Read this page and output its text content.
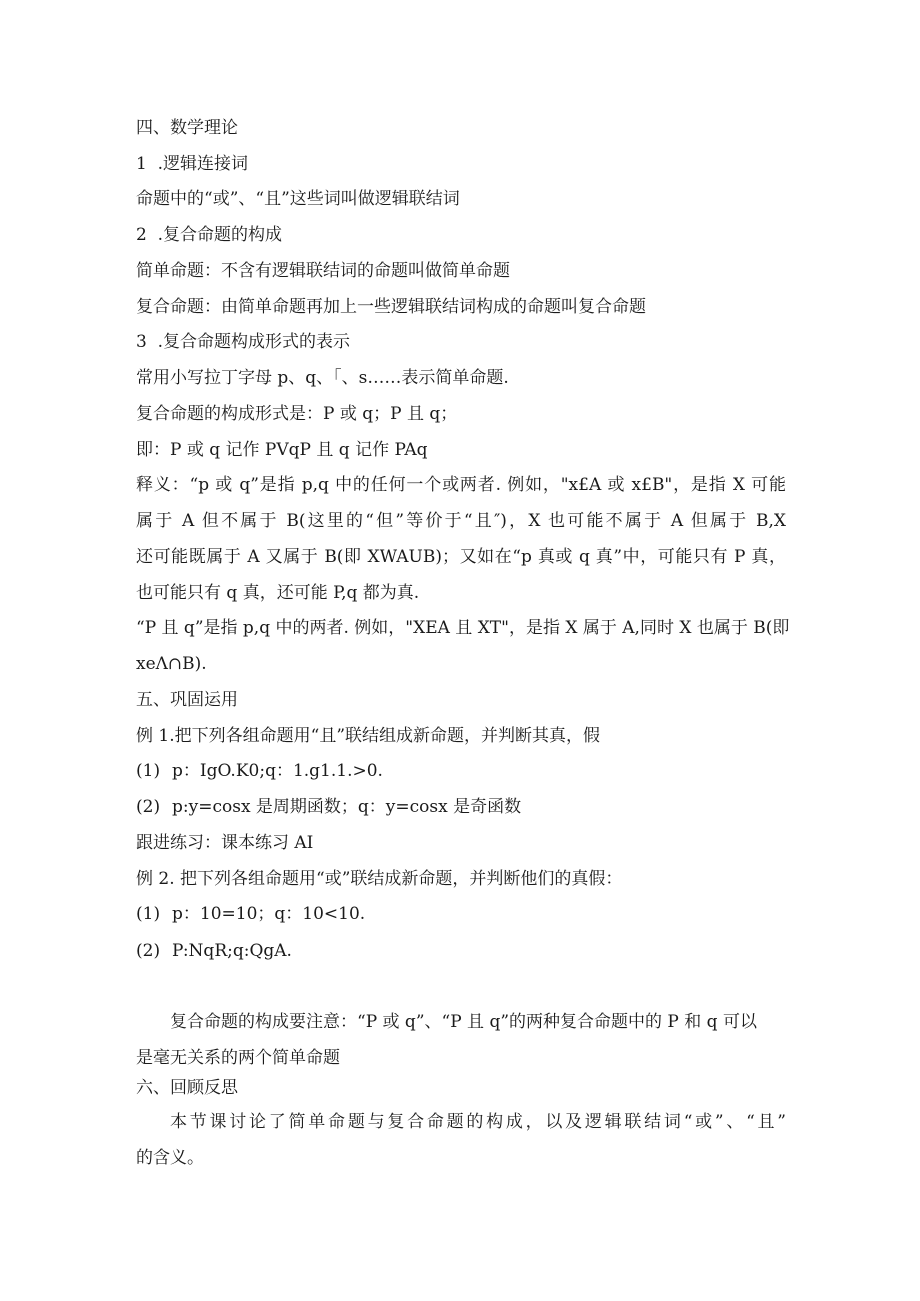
四、数学理论
1  .逻辑连接词
命题中的“或”、“且”这些词叫做逻辑联结词
2  .复合命题的构成
简单命题：不含有逻辑联结词的命题叫做简单命题
复合命题：由简单命题再加上一些逻辑联结词构成的命题叫复合命题
3  .复合命题构成形式的表示
常用小写拉丁字母 p、q、「、s……表示简单命题.
复合命题的构成形式是：P 或 q；P 且 q；
即：P 或 q 记作 PVqP 且 q 记作 PAq
释义：“p 或 q”是指 p,q 中的任何一个或两者. 例如，"x£A 或 x£B"，是指 X 可能
属于 A 但不属于 B(这里的“但”等价于“且″)，X 也可能不属于 A 但属于 B,X
还可能既属于 A 又属于 B(即 XWAUB)；又如在“p 真或 q 真”中，可能只有 P 真，
也可能只有 q 真，还可能 P,q 都为真.
“P 且 q”是指 p,q 中的两者. 例如，"XEA 且 XT"，是指 X 属于 A,同时 X 也属于 B(即
xeΛ∩B).
五、巩固运用
例 1.把下列各组命题用“且”联结组成新命题，并判断其真，假
(1) p：IgO.K0;q：1.g1.1.>0.
(2) p:y=cosx 是周期函数；q：y=cosx 是奇函数
跟进练习：课本练习 AI
例 2. 把下列各组命题用“或”联结成新命题，并判断他们的真假：
(1) p：10=10；q：10<10.
(2) P:NqR;q:QgA.
复合命题的构成要注意：“P 或 q”、“P 且 q”的两种复合命题中的 P 和 q 可以
是毫无关系的两个简单命题
六、回顾反思
本节课讨论了简单命题与复合命题的构成，以及逻辑联结词“或”、“且”
的含义。
